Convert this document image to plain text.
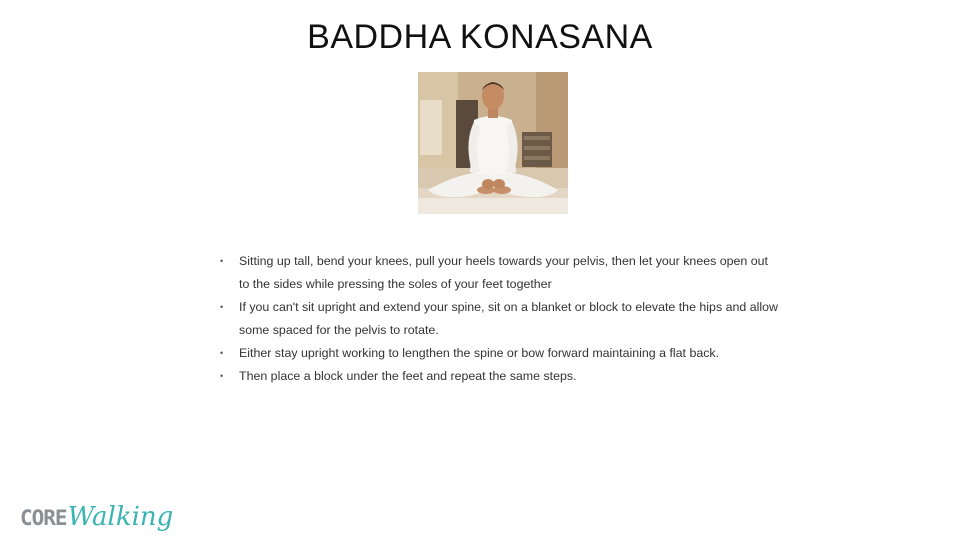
BADDHA KONASANA
• Sitting up tall, bend your knees, pull your heels towards your pelvis, then let your knees open out to the sides while pressing the soles of your feet together
• If you can't sit upright and extend your spine, sit on a blanket or block to elevate the hips and allow some spaced for the pelvis to rotate.
• Either stay upright working to lengthen the spine or bow forward maintaining a flat back.
• Then place a block under the feet and repeat the same steps.
CORE Walking
